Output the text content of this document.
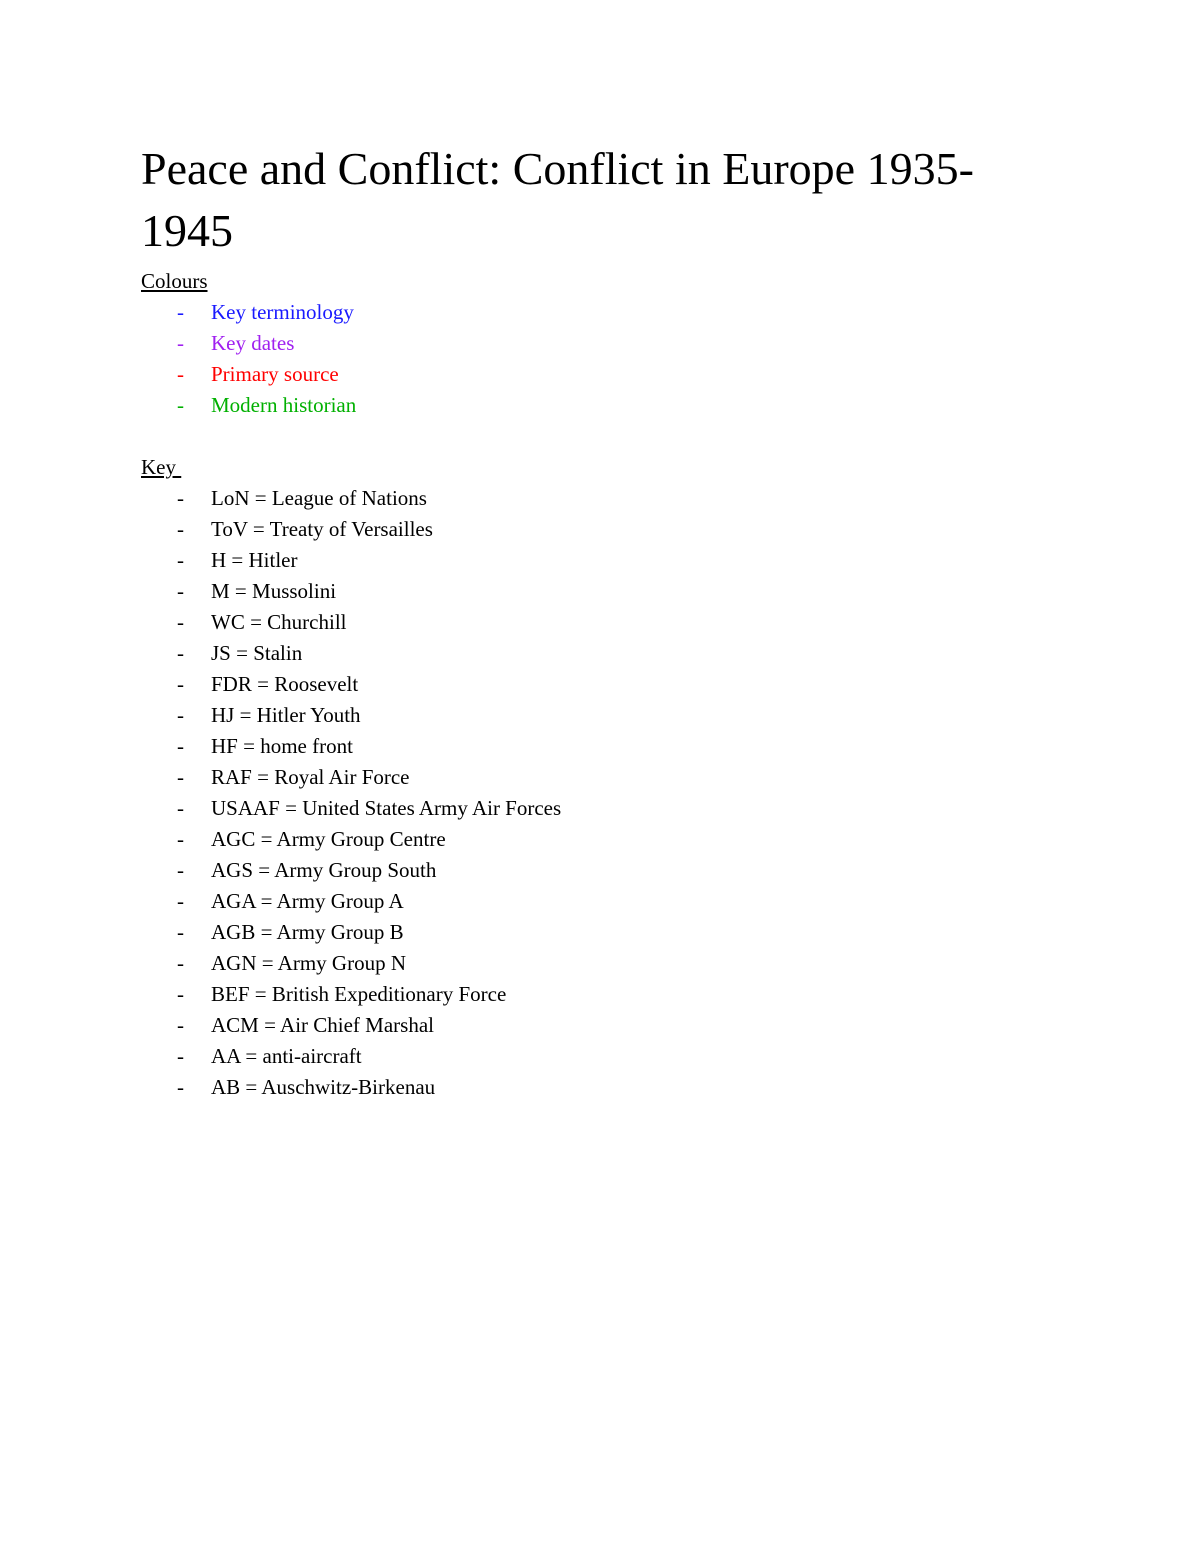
Peace and Conflict: Conflict in Europe 1935-1945

Colours

- Key terminology
- Key dates
- Primary source
- Modern historian

Key

- LoN = League of Nations
- ToV = Treaty of Versailles
- H = Hitler
- M = Mussolini
- WC = Churchill
- JS = Stalin
- FDR = Roosevelt
- HJ = Hitler Youth
- HF = home front
- RAF = Royal Air Force
- USAAF = United States Army Air Forces
- AGC = Army Group Centre
- AGS = Army Group South
- AGA = Army Group A
- AGB = Army Group B
- AGN = Army Group N
- BEF = British Expeditionary Force
- ACM = Air Chief Marshal
- AA = anti-aircraft
- AB = Auschwitz-Birkenau
